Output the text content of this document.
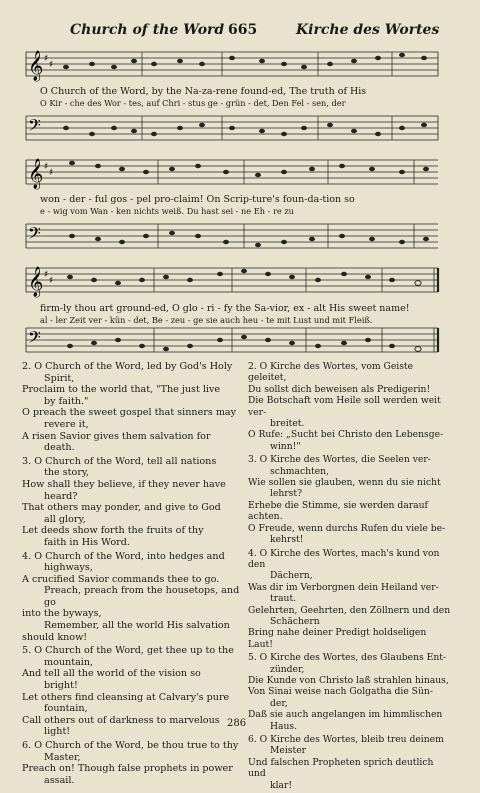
Church of the Word 665	Kirche des Wortes
𝄞 ♯
♯
O Church of the Word, by the Na-za-rene found-ed, The truth of His
O Kir - che des Wor - tes, auf Chri - stus ge - grün - det, Den Fel - sen, der
𝄢
𝄞 ♯
♯
won - der - ful gos - pel pro-claim! On Scrip-ture's foun-da-tion so
e - wig vom Wan - ken nichts weiß. Du hast sei - ne Eh - re zu
𝄢
𝄞 ♯
♯
firm-ly thou art ground-ed, O glo - ri - fy the Sa-vior, ex - alt His sweet name!
al - ler Zeit ver - kün - det, Be - zeu - ge sie auch heu - te mit Lust und mit Fleiß.
𝄢
2. O Church of the Word, led by God's Holy
Spirit,
Proclaim to the world that, "The just live
by faith."
O preach the sweet gospel that sinners may
revere it,
A risen Savior gives them salvation for
death.
3. O Church of the Word, tell all nations
the story,
How shall they believe, if they never have
heard?
That others may ponder, and give to God
all glory,
Let deeds show forth the fruits of thy
faith in His Word.
4. O Church of the Word, into hedges and
highways,
A crucified Savior commands thee to go.
Preach, preach from the housetops, and go
into the byways,
Remember, all the world His salvation
should know!
5. O Church of the Word, get thee up to the
mountain,
And tell all the world of the vision so
bright!
Let others find cleansing at Calvary's pure
fountain,
Call others out of darkness to marvelous
light!
6. O Church of the Word, be thou true to thy
Master,
Preach on! Though false prophets in power
assail.
2. O Kirche des Wortes, vom Geiste geleitet,
Du sollst dich beweisen als Predigerin!
Die Botschaft vom Heile soll werden weit ver-
breitet.
O Rufe: „Sucht bei Christo den Lebensge-
winn!"
3. O Kirche des Wortes, die Seelen ver-
schmachten,
Wie sollen sie glauben, wenn du sie nicht
lehrst?
Erhebe die Stimme, sie werden darauf achten.
O Freude, wenn durchs Rufen du viele be-
kehrst!
4. O Kirche des Wortes, mach's kund von den
Dächern,
Was dir im Verborgnen dein Heiland ver-
traut.
Gelehrten, Geehrten, den Zöllnern und den
Schächern
Bring nahe deiner Predigt holdseligen Laut!
5. O Kirche des Wortes, des Glaubens Ent-
zünder,
Die Kunde von Christo laß strahlen hinaus,
Von Sinai weise nach Golgatha die Sün-
der,
Daß sie auch angelangen im himmlischen
Haus.
6. O Kirche des Wortes, bleib treu deinem
Meister
Und falschen Propheten sprich deutlich und
klar!
286
